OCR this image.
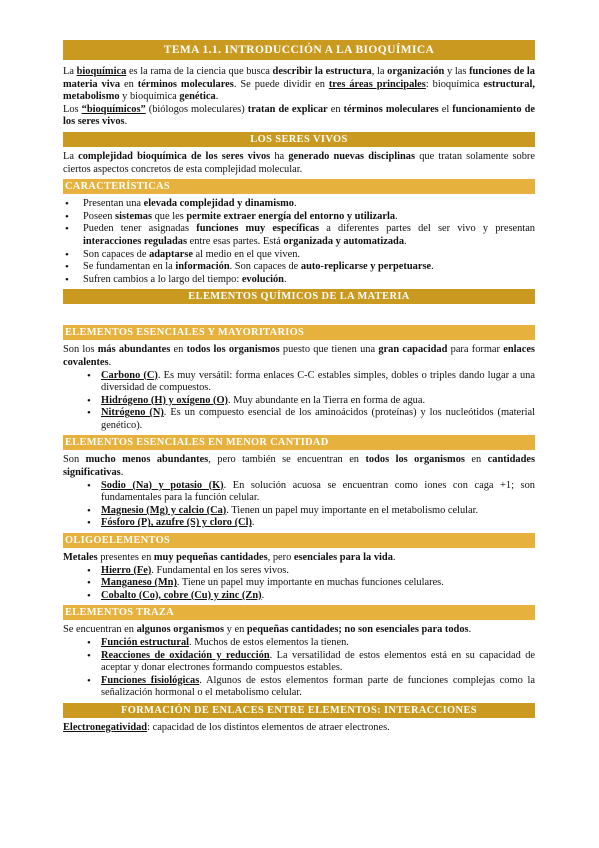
TEMA 1.1. INTRODUCCIÓN A LA BIOQUÍMICA

La bioquímica es la rama de la ciencia que busca describir la estructura, la organización y las funciones de la materia viva en términos moleculares. Se puede dividir en tres áreas principales: bioquímica estructural, metabolismo y bioquímica genética.

Los “bioquímicos” (biólogos moleculares) tratan de explicar en términos moleculares el funcionamiento de los seres vivos.

LOS SERES VIVOS

La complejidad bioquímica de los seres vivos ha generado nuevas disciplinas que tratan solamente sobre ciertos aspectos concretos de esta complejidad molecular.

CARACTERÍSTICAS
• Presentan una elevada complejidad y dinamismo.
• Poseen sistemas que les permite extraer energía del entorno y utilizarla.
• Pueden tener asignadas funciones muy específicas a diferentes partes del ser vivo y presentan interacciones reguladas entre esas partes. Está organizada y automatizada.
• Son capaces de adaptarse al medio en el que viven.
• Se fundamentan en la información. Son capaces de auto-replicarse y perpetuarse.
• Sufren cambios a lo largo del tiempo: evolución.
ELEMENTOS QUÍMICOS DE LA MATERIA
ELEMENTOS ESENCIALES Y MAYORITARIOS

Son los más abundantes en todos los organismos puesto que tienen una gran capacidad para formar enlaces covalentes.

• Carbono (C). Es muy versátil: forma enlaces C-C estables simples, dobles o triples dando lugar a una diversidad de compuestos.
• Hidrógeno (H) y oxígeno (O). Muy abundante en la Tierra en forma de agua.
• Nitrógeno (N). Es un compuesto esencial de los aminoácidos (proteínas) y los nucleótidos (material genético).
ELEMENTOS ESENCIALES EN MENOR CANTIDAD

Son mucho menos abundantes, pero también se encuentran en todos los organismos en cantidades significativas.

• Sodio (Na) y potasio (K). En solución acuosa se encuentran como iones con caga +1; son fundamentales para la función celular.
• Magnesio (Mg) y calcio (Ca). Tienen un papel muy importante en el metabolismo celular.
• Fósforo (P), azufre (S) y cloro (Cl).
OLIGOELEMENTOS

Metales presentes en muy pequeñas cantidades, pero esenciales para la vida.

• Hierro (Fe). Fundamental en los seres vivos.
• Manganeso (Mn). Tiene un papel muy importante en muchas funciones celulares.
• Cobalto (Co), cobre (Cu) y zinc (Zn).
ELEMENTOS TRAZA

Se encuentran en algunos organismos y en pequeñas cantidades; no son esenciales para todos.

• Función estructural. Muchos de estos elementos la tienen.
• Reacciones de oxidación y reducción. La versatilidad de estos elementos está en su capacidad de aceptar y donar electrones formando compuestos estables.
• Funciones fisiológicas. Algunos de estos elementos forman parte de funciones complejas como la señalización hormonal o el metabolismo celular.
FORMACIÓN DE ENLACES ENTRE ELEMENTOS: INTERACCIONES

Electronegatividad: capacidad de los distintos elementos de atraer electrones.
